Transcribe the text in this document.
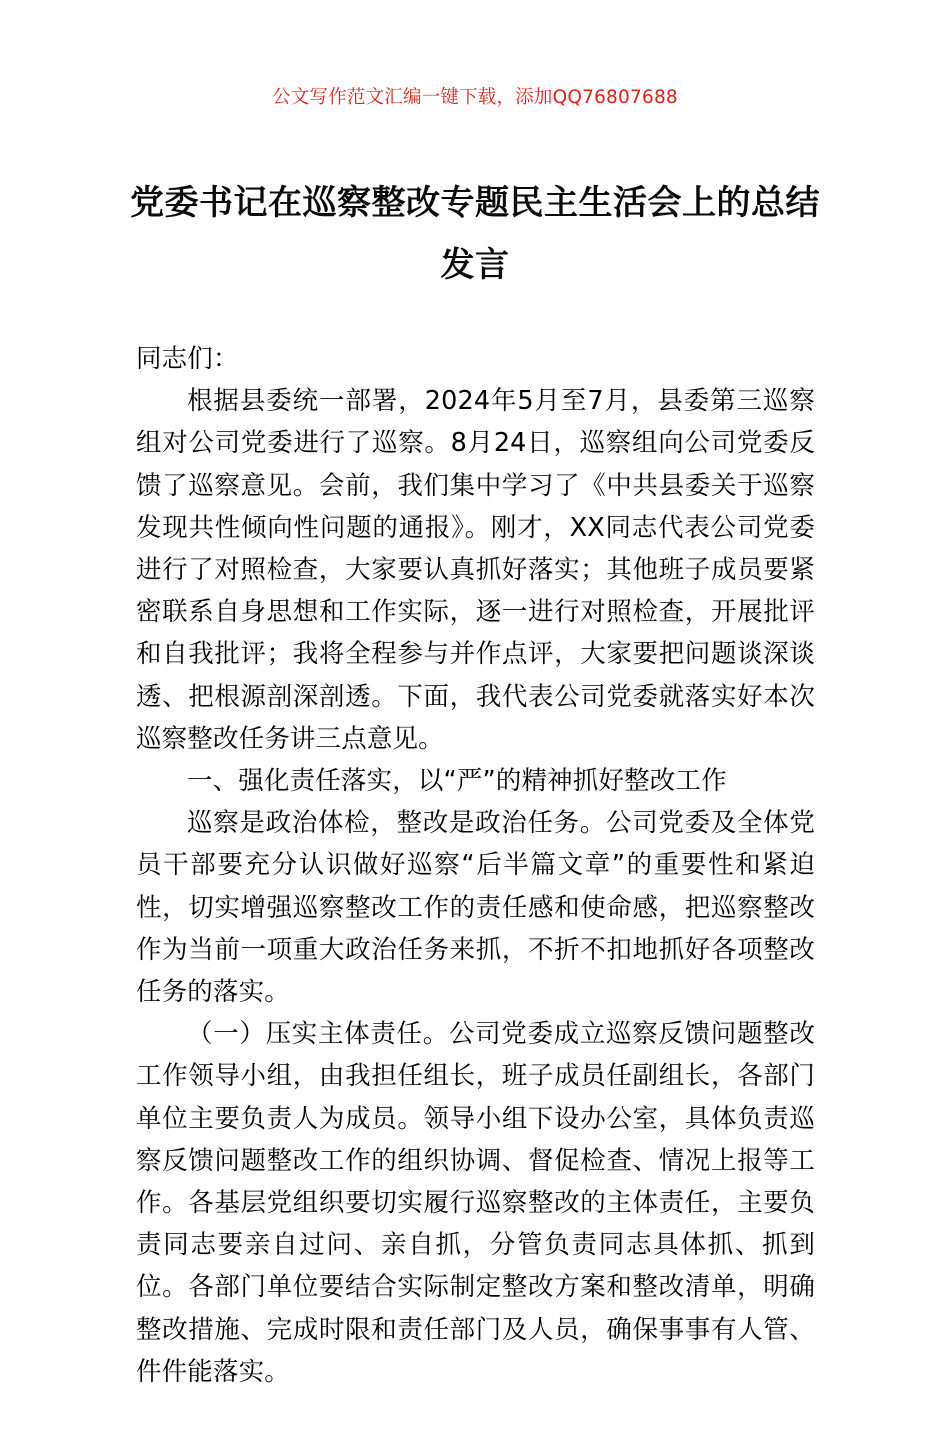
公文写作范文汇编一键下载，添加QQ76807688
党委书记在巡察整改专题民主生活会上的总结发言

同志们：

根据县委统一部署，2024年5月至7月，县委第三巡察组对公司党委进行了巡察。8月24日，巡察组向公司党委反馈了巡察意见。会前，我们集中学习了《中共县委关于巡察发现共性倾向性问题的通报》。刚才，XX同志代表公司党委进行了对照检查，大家要认真抓好落实；其他班子成员要紧密联系自身思想和工作实际，逐一进行对照检查，开展批评和自我批评；我将全程参与并作点评，大家要把问题谈深谈透、把根源剖深剖透。下面，我代表公司党委就落实好本次巡察整改任务讲三点意见。

一、强化责任落实，以“严”的精神抓好整改工作

巡察是政治体检，整改是政治任务。公司党委及全体党员干部要充分认识做好巡察“后半篇文章”的重要性和紧迫性，切实增强巡察整改工作的责任感和使命感，把巡察整改作为当前一项重大政治任务来抓，不折不扣地抓好各项整改任务的落实。

（一）压实主体责任。公司党委成立巡察反馈问题整改工作领导小组，由我担任组长，班子成员任副组长，各部门单位主要负责人为成员。领导小组下设办公室，具体负责巡察反馈问题整改工作的组织协调、督促检查、情况上报等工作。各基层党组织要切实履行巡察整改的主体责任，主要负责同志要亲自过问、亲自抓，分管负责同志具体抓、抓到位。各部门单位要结合实际制定整改方案和整改清单，明确整改措施、完成时限和责任部门及人员，确保事事有人管、件件能落实。
